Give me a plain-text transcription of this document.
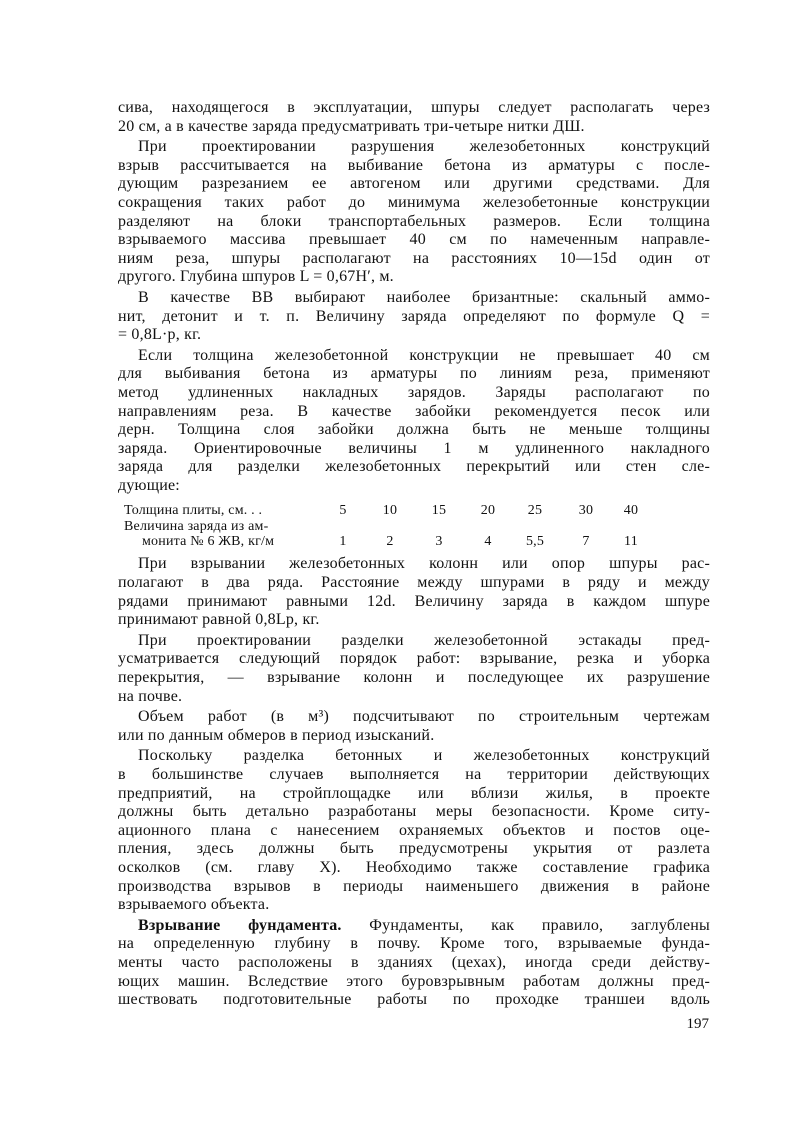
сива, находящегося в эксплуатации, шпуры следует располагать через
20 см, а в качестве заряда предусматривать три-четыре нитки ДШ.
При проектировании разрушения железобетонных конструкций
взрыв рассчитывается на выбивание бетона из арматуры с после-
дующим разрезанием ее автогеном или другими средствами. Для
сокращения таких работ до минимума железобетонные конструкции
разделяют на блоки транспортабельных размеров. Если толщина
взрываемого массива превышает 40 см по намеченным направле-
ниям реза, шпуры располагают на расстояниях 10—15d один от
другого. Глубина шпуров L = 0,67H′, м.
В качестве ВВ выбирают наиболее бризантные: скальный аммо-
нит, детонит и т. п. Величину заряда определяют по формуле Q =
= 0,8L·p, кг.
Если толщина железобетонной конструкции не превышает 40 см
для выбивания бетона из арматуры по линиям реза, применяют
метод удлиненных накладных зарядов. Заряды располагают по
направлениям реза. В качестве забойки рекомендуется песок или
дерн. Толщина слоя забойки должна быть не меньше толщины
заряда. Ориентировочные величины 1 м удлиненного накладного
заряда для разделки железобетонных перекрытий или стен сле-
дующие:
Толщина плиты, см. . .	5	10	15	20	25	30	40
Величина заряда из ам-
монита № 6 ЖВ, кг/м	1	2	3	4	5,5	7	11
При взрывании железобетонных колонн или опор шпуры рас-
полагают в два ряда. Расстояние между шпурами в ряду и между
рядами принимают равными 12d. Величину заряда в каждом шпуре
принимают равной 0,8Lp, кг.
При проектировании разделки железобетонной эстакады пред-
усматривается следующий порядок работ: взрывание, резка и уборка
перекрытия, — взрывание колонн и последующее их разрушение
на почве.
Объем работ (в м³) подсчитывают по строительным чертежам
или по данным обмеров в период изысканий.
Поскольку разделка бетонных и железобетонных конструкций
в большинстве случаев выполняется на территории действующих
предприятий, на стройплощадке или вблизи жилья, в проекте
должны быть детально разработаны меры безопасности. Кроме ситу-
ационного плана с нанесением охраняемых объектов и постов оце-
пления, здесь должны быть предусмотрены укрытия от разлета
осколков (см. главу X). Необходимо также составление графика
производства взрывов в периоды наименьшего движения в районе
взрываемого объекта.
Взрывание фундамента. Фундаменты, как правило, заглублены
на определенную глубину в почву. Кроме того, взрываемые фунда-
менты часто расположены в зданиях (цехах), иногда среди действу-
ющих машин. Вследствие этого буровзрывным работам должны пред-
шествовать подготовительные работы по проходке траншеи вдоль
197
